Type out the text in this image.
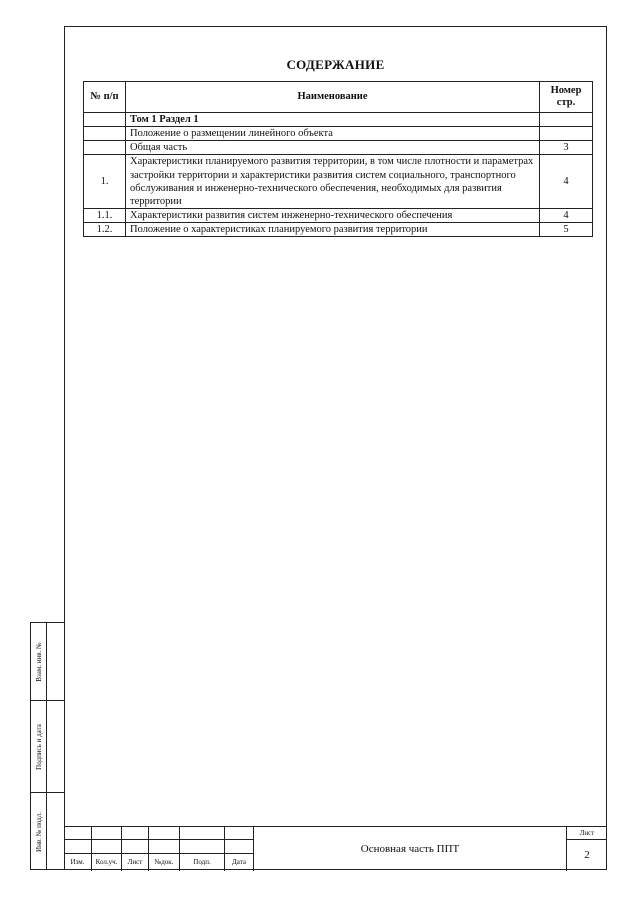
Взам. инв. №
Подпись и дата
Инв. № подл.
СОДЕРЖАНИЕ
№ п/п	Наименование	Номер стр.
	Том 1 Раздел 1	
	Положение о размещении линейного объекта	
	Общая часть	3
1.	Характеристики планируемого развития территории, в том числе плотности и параметрах застройки территории и характеристики развития систем социального, транспортного обслуживания и инженерно-технического обеспечения, необходимых для развития территории	4
1.1.	Характеристики развития систем инженерно-технического обеспечения	4
1.2.	Положение о характеристиках планируемого развития территории	5
Изм.	Кол.уч.	Лист	№док.	Подп.	Дата
Основная часть ППТ
Лист
2
